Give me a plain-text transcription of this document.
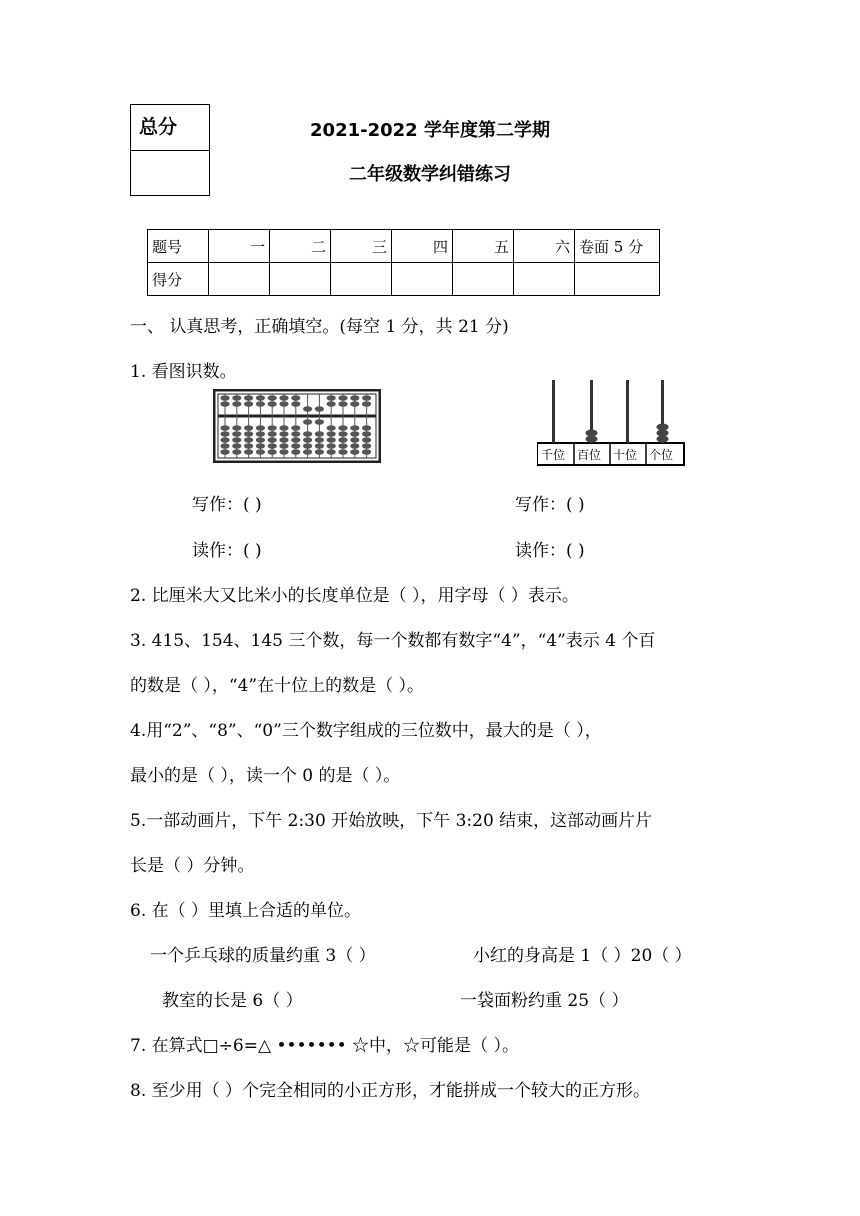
总分	2021-2022 学年度第二学期
二年级数学纠错练习
题号	一	二	三	四	五	六	卷面 5 分
得分							
一、 认真思考，正确填空。(每空 1 分，共 21 分)
1. 看图识数。
千位 百位 十位 个位
写作：( )	写作：( )
读作：( )	读作：( )
2. 比厘米大又比米小的长度单位是（ ），用字母（ ）表示。
3. 415、154、145 三个数，每一个数都有数字“4”，“4”表示 4 个百
的数是（ ），“4”在十位上的数是（ ）。
4.用“2”、“8”、“0”三个数字组成的三位数中，最大的是（ ），
最小的是（ ），读一个 0 的是（ ）。
5.一部动画片，下午 2:30 开始放映，下午 3:20 结束，这部动画片片
长是（ ）分钟。
6. 在（ ）里填上合适的单位。
一个乒乓球的质量约重 3（ ）	小红的身高是 1（ ）20（ ）
教室的长是 6（ ）	一袋面粉约重 25（ ）
7. 在算式□÷6=△ ••••••• ☆中，☆可能是（ ）。
8. 至少用（ ）个完全相同的小正方形，才能拼成一个较大的正方形。
